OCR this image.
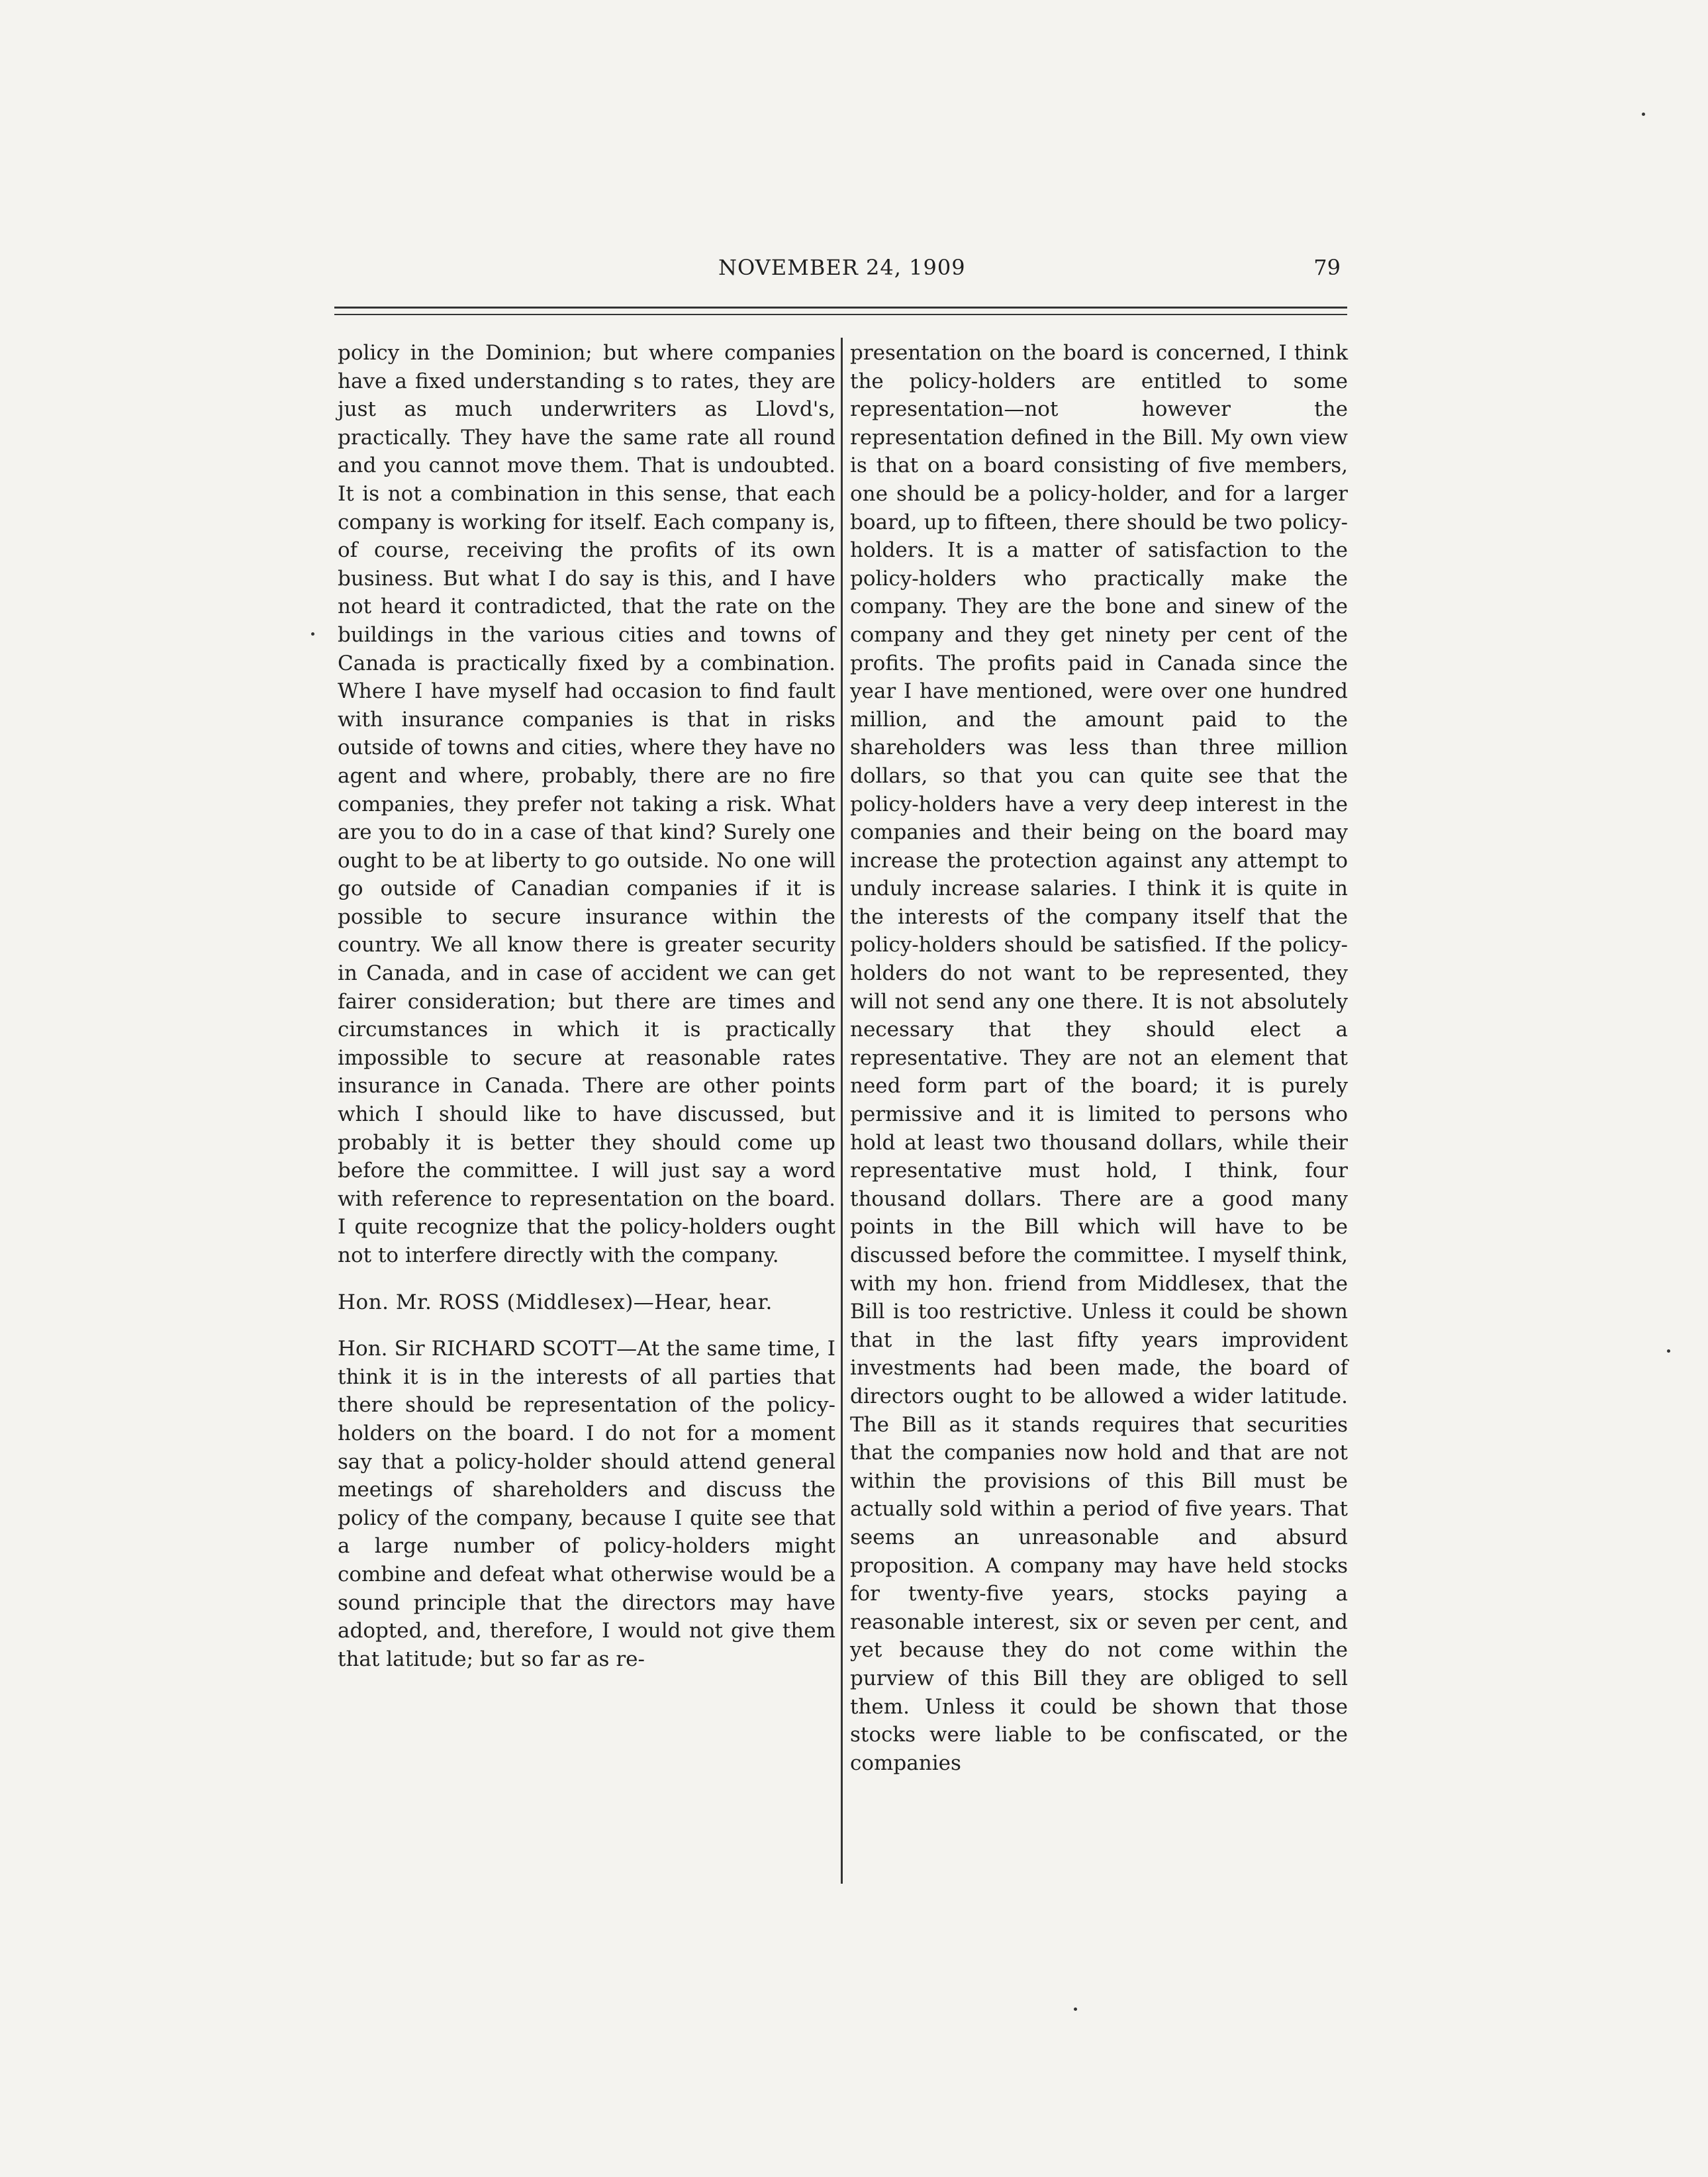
NOVEMBER 24, 1909	79

policy in the Dominion; but where companies have a fixed understanding s to rates, they are just as much underwriters as Llovd's, practically. They have the same rate all round and you cannot move them. That is undoubted. It is not a combination in this sense, that each company is working for itself. Each company is, of course, receiving the profits of its own business. But what I do say is this, and I have not heard it contradicted, that the rate on the buildings in the various cities and towns of Canada is practically fixed by a combination. Where I have myself had occasion to find fault with insurance companies is that in risks outside of towns and cities, where they have no agent and where, probably, there are no fire companies, they prefer not taking a risk. What are you to do in a case of that kind? Surely one ought to be at liberty to go outside. No one will go outside of Canadian companies if it is possible to secure insurance within the country. We all know there is greater security in Canada, and in case of accident we can get fairer consideration; but there are times and circumstances in which it is practically impossible to secure at reasonable rates insurance in Canada. There are other points which I should like to have discussed, but probably it is better they should come up before the committee. I will just say a word with reference to representation on the board. I quite recognize that the policy-holders ought not to interfere directly with the company.

Hon. Mr. ROSS (Middlesex)—Hear, hear.

Hon. Sir RICHARD SCOTT—At the same time, I think it is in the interests of all parties that there should be representation of the policy-holders on the board. I do not for a moment say that a policy-holder should attend general meetings of shareholders and discuss the policy of the company, because I quite see that a large number of policy-holders might combine and defeat what otherwise would be a sound principle that the directors may have adopted, and, therefore, I would not give them that latitude; but so far as re-

presentation on the board is concerned, I think the policy-holders are entitled to some representation—not however the representation defined in the Bill. My own view is that on a board consisting of five members, one should be a policy-holder, and for a larger board, up to fifteen, there should be two policy-holders. It is a matter of satisfaction to the policy-holders who practically make the company. They are the bone and sinew of the company and they get ninety per cent of the profits. The profits paid in Canada since the year I have mentioned, were over one hundred million, and the amount paid to the shareholders was less than three million dollars, so that you can quite see that the policy-holders have a very deep interest in the companies and their being on the board may increase the protection against any attempt to unduly increase salaries. I think it is quite in the interests of the company itself that the policy-holders should be satisfied. If the policy-holders do not want to be represented, they will not send any one there. It is not absolutely necessary that they should elect a representative. They are not an element that need form part of the board; it is purely permissive and it is limited to persons who hold at least two thousand dollars, while their representative must hold, I think, four thousand dollars. There are a good many points in the Bill which will have to be discussed before the committee. I myself think, with my hon. friend from Middlesex, that the Bill is too restrictive. Unless it could be shown that in the last fifty years improvident investments had been made, the board of directors ought to be allowed a wider latitude. The Bill as it stands requires that securities that the companies now hold and that are not within the provisions of this Bill must be actually sold within a period of five years. That seems an unreasonable and absurd proposition. A company may have held stocks for twenty-five years, stocks paying a reasonable interest, six or seven per cent, and yet because they do not come within the purview of this Bill they are obliged to sell them. Unless it could be shown that those stocks were liable to be confiscated, or the companies
